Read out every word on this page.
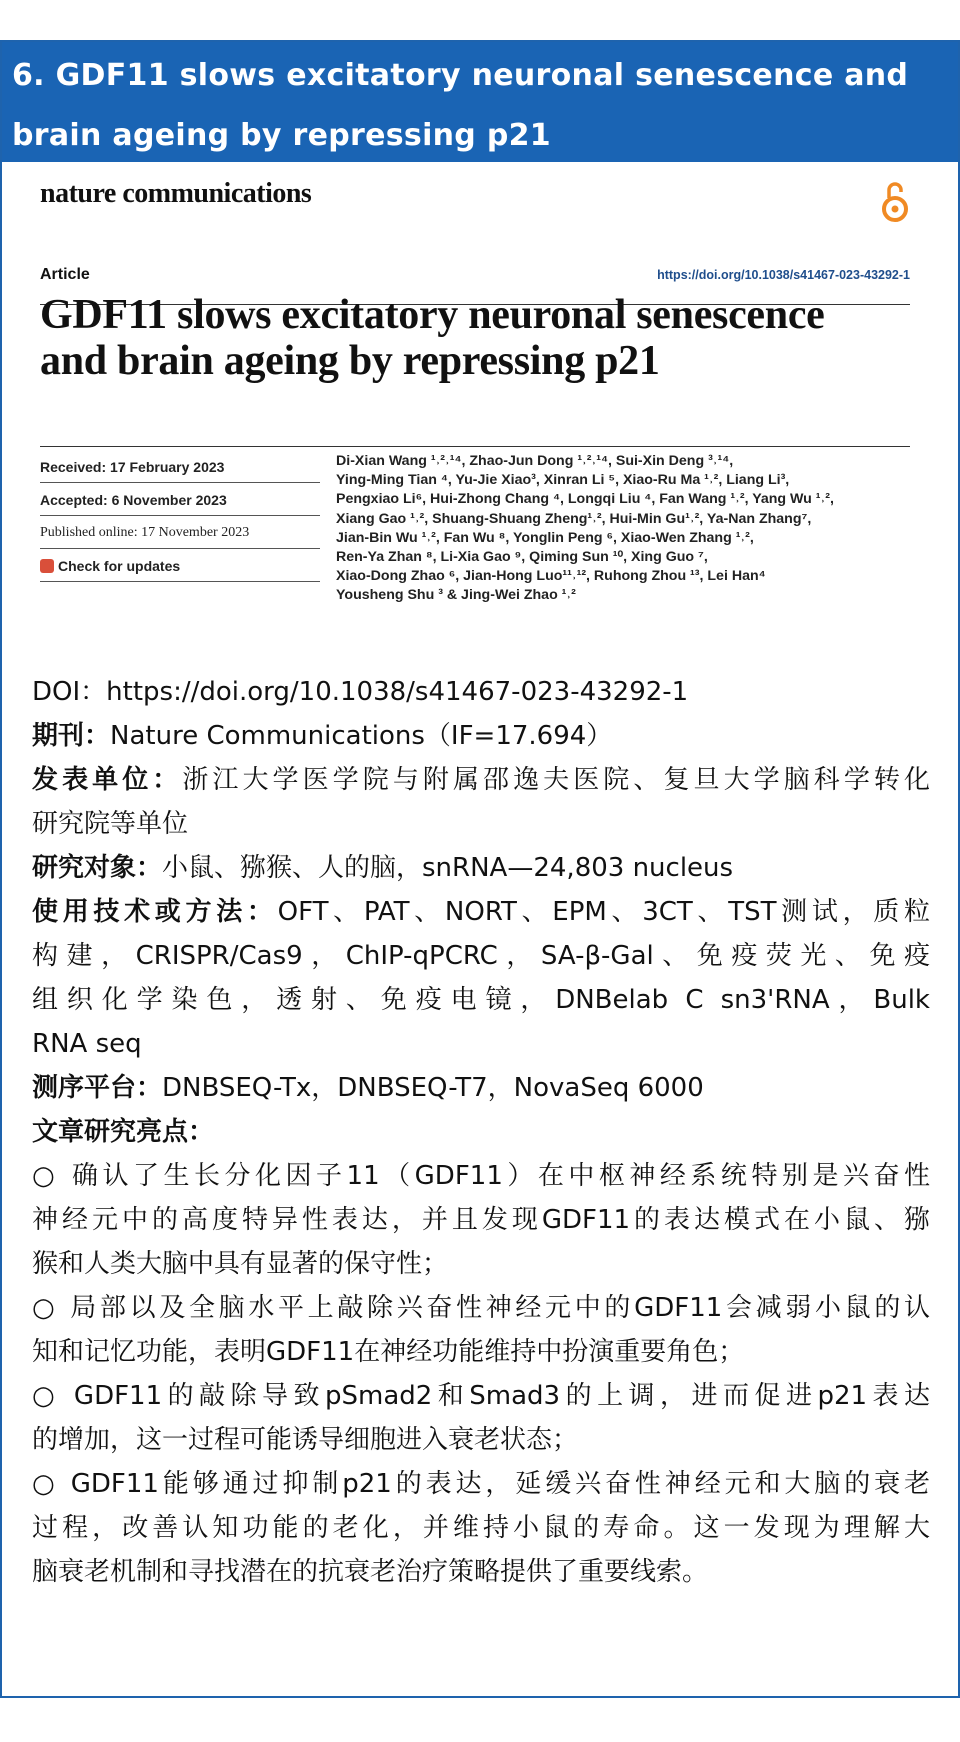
6. GDF11 slows excitatory neuronal senescence and
brain ageing by repressing p21
nature communications
Article	https://doi.org/10.1038/s41467-023-43292-1
GDF11 slows excitatory neuronal senescence
and brain ageing by repressing p21
Received: 17 February 2023
Accepted: 6 November 2023
Published online: 17 November 2023
Check for updates
Di-Xian Wang ¹˒²˒¹⁴, Zhao-Jun Dong ¹˒²˒¹⁴, Sui-Xin Deng ³˒¹⁴,
Ying-Ming Tian ⁴, Yu-Jie Xiao³, Xinran Li ⁵, Xiao-Ru Ma ¹˒², Liang Li³,
Pengxiao Li⁶, Hui-Zhong Chang ⁴, Longqi Liu ⁴, Fan Wang ¹˒², Yang Wu ¹˒²,
Xiang Gao ¹˒², Shuang-Shuang Zheng¹˒², Hui-Min Gu¹˒², Ya-Nan Zhang⁷,
Jian-Bin Wu ¹˒², Fan Wu ⁸, Yonglin Peng ⁶, Xiao-Wen Zhang ¹˒²,
Ren-Ya Zhan ⁸, Li-Xia Gao ⁹, Qiming Sun ¹⁰, Xing Guo ⁷,
Xiao-Dong Zhao ⁶, Jian-Hong Luo¹¹˒¹², Ruhong Zhou ¹³, Lei Han⁴
Yousheng Shu ³ & Jing-Wei Zhao ¹˒²
DOI：https://doi.org/10.1038/s41467-023-43292-1
期刊：Nature Communications（IF=17.694）
发表单位：浙江大学医学院与附属邵逸夫医院、复旦大学脑科学转化
研究院等单位
研究对象：小鼠、猕猴、人的脑，snRNA—24,803 nucleus
使用技术或方法：OFT、PAT、NORT、EPM、3CT、TST测试，质粒
构建，CRISPR/Cas9，ChIP-qPCRC，SA-β-Gal、免疫荧光、免疫
组织化学染色，透射、免疫电镜，DNBelab C sn3'RNA，Bulk
RNA seq
测序平台：DNBSEQ-Tx，DNBSEQ-T7，NovaSeq 6000
文章研究亮点：
○ 确认了生长分化因子11（GDF11）在中枢神经系统特别是兴奋性
神经元中的高度特异性表达，并且发现GDF11的表达模式在小鼠、猕
猴和人类大脑中具有显著的保守性；
○ 局部以及全脑水平上敲除兴奋性神经元中的GDF11会减弱小鼠的认
知和记忆功能，表明GDF11在神经功能维持中扮演重要角色；
○ GDF11的敲除导致pSmad2和Smad3的上调，进而促进p21表达
的增加，这一过程可能诱导细胞进入衰老状态；
○ GDF11能够通过抑制p21的表达，延缓兴奋性神经元和大脑的衰老
过程，改善认知功能的老化，并维持小鼠的寿命。这一发现为理解大
脑衰老机制和寻找潜在的抗衰老治疗策略提供了重要线索。
